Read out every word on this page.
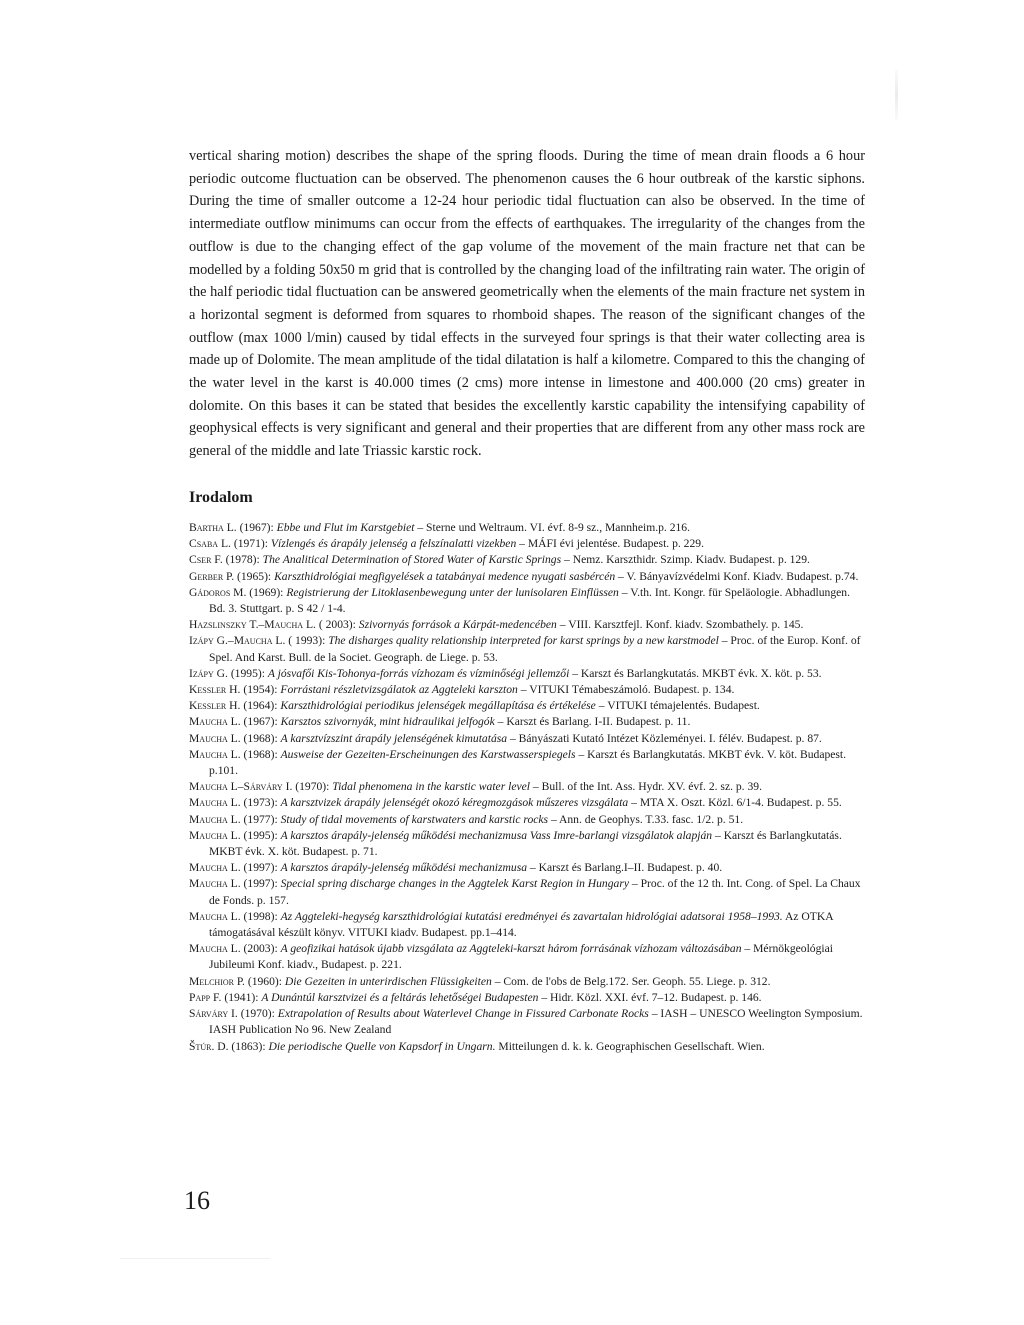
vertical sharing motion) describes the shape of the spring floods. During the time of mean drain floods a 6 hour periodic outcome fluctuation can be observed. The phenomenon causes the 6 hour outbreak of the karstic siphons. During the time of smaller outcome a 12-24 hour periodic tidal fluctuation can also be observed. In the time of intermediate outflow minimums can occur from the effects of earthquakes. The irregularity of the changes from the outflow is due to the changing effect of the gap volume of the movement of the main fracture net that can be modelled by a folding 50x50 m grid that is controlled by the changing load of the infiltrating rain water. The origin of the half periodic tidal fluctuation can be answered geometrically when the elements of the main fracture net system in a horizontal segment is deformed from squares to rhomboid shapes. The reason of the significant changes of the outflow (max 1000 l/min) caused by tidal effects in the surveyed four springs is that their water collecting area is made up of Dolomite. The mean amplitude of the tidal dilatation is half a kilometre. Compared to this the changing of the water level in the karst is 40.000 times (2 cms) more intense in limestone and 400.000 (20 cms) greater in dolomite. On this bases it can be stated that besides the excellently karstic capability the intensifying capability of geophysical effects is very significant and general and their properties that are different from any other mass rock are general of the middle and late Triassic karstic rock.

Irodalom
Bartha L. (1967): Ebbe und Flut im Karstgebiet – Sterne und Weltraum. VI. évf. 8-9 sz., Mannheim.p. 216.
Csaba L. (1971): Vízlengés és árapály jelenség a felszínalatti vizekben – MÁFI évi jelentése. Budapest. p. 229.
Cser F. (1978): The Analitical Determination of Stored Water of Karstic Springs – Nemz. Karszthidr. Szimp. Kiadv. Budapest. p. 129.
Gerber P. (1965): Karszthidrológiai megfigyelések a tatabányai medence nyugati sasbércén – V. Bányavízvédelmi Konf. Kiadv. Budapest. p.74.
Gádoros M. (1969): Registrierung der Litoklasenbewegung unter der lunisolaren Einflüssen – V.th. Int. Kongr. für Speläologie. Abhadlungen. Bd. 3. Stuttgart. p. S 42 / 1-4.
Hazslinszky T.–Maucha L. ( 2003): Szivornyás források a Kárpát-medencében – VIII. Karsztfejl. Konf. kiadv. Szombathely. p. 145.
Izápy G.–Maucha L. ( 1993): The disharges quality relationship interpreted for karst springs by a new karstmodel – Proc. of the Europ. Konf. of Spel. And Karst. Bull. de la Societ. Geograph. de Liege. p. 53.
Izápy G. (1995): A jósvafői Kis-Tohonya-forrás vízhozam és vízminőségi jellemzői – Karszt és Barlangkutatás. MKBT évk. X. köt. p. 53.
Kessler H. (1954): Forrástani részletvizsgálatok az Aggteleki karszton – VITUKI Témabeszámoló. Budapest. p. 134.
Kessler H. (1964): Karszthidrológiai periodikus jelenségek megállapítása és értékelése – VITUKI témajelentés. Budapest.
Maucha L. (1967): Karsztos szivornyák, mint hidraulikai jelfogók – Karszt és Barlang. I-II. Budapest. p. 11.
Maucha L. (1968): A karsztvízszint árapály jelenségének kimutatása – Bányászati Kutató Intézet Közleményei. I. félév. Budapest. p. 87.
Maucha L. (1968): Ausweise der Gezeiten-Erscheinungen des Karstwasserspiegels – Karszt és Barlangkutatás. MKBT évk. V. köt. Budapest. p.101.
Maucha L–Sárváry I. (1970): Tidal phenomena in the karstic water level – Bull. of the Int. Ass. Hydr. XV. évf. 2. sz. p. 39.
Maucha L. (1973): A karsztvizek árapály jelenségét okozó kéregmozgások műszeres vizsgálata – MTA X. Oszt. Közl. 6/1-4. Budapest. p. 55.
Maucha L. (1977): Study of tidal movements of karstwaters and karstic rocks – Ann. de Geophys. T.33. fasc. 1/2. p. 51.
Maucha L. (1995): A karsztos árapály-jelenség működési mechanizmusa Vass Imre-barlangi vizsgálatok alapján – Karszt és Barlangkutatás. MKBT évk. X. köt. Budapest. p. 71.
Maucha L. (1997): A karsztos árapály-jelenség működési mechanizmusa – Karszt és Barlang.I–II. Budapest. p. 40.
Maucha L. (1997): Special spring discharge changes in the Aggtelek Karst Region in Hungary – Proc. of the 12 th. Int. Cong. of Spel. La Chaux de Fonds. p. 157.
Maucha L. (1998): Az Aggteleki-hegység karszthidrológiai kutatási eredményei és zavartalan hidrológiai adatsorai 1958–1993. Az OTKA támogatásával készült könyv. VITUKI kiadv. Budapest. pp.1–414.
Maucha L. (2003): A geofizikai hatások újabb vizsgálata az Aggteleki-karszt három forrásának vízhozam változásában – Mérnökgeológiai Jubileumi Konf. kiadv., Budapest. p. 221.
Melchior P. (1960): Die Gezeiten in unterirdischen Flüssigkeiten – Com. de l'obs de Belg.172. Ser. Geoph. 55. Liege. p. 312.
Papp F. (1941): A Dunántúl karsztvizei és a feltárás lehetőségei Budapesten – Hidr. Közl. XXI. évf. 7–12. Budapest. p. 146.
Sárváry I. (1970): Extrapolation of Results about Waterlevel Change in Fissured Carbonate Rocks – IASH – UNESCO Weelington Symposium. IASH Publication No 96. New Zealand
Štúr. D. (1863): Die periodische Quelle von Kapsdorf in Ungarn. Mitteilungen d. k. k. Geographischen Gesellschaft. Wien.
16
